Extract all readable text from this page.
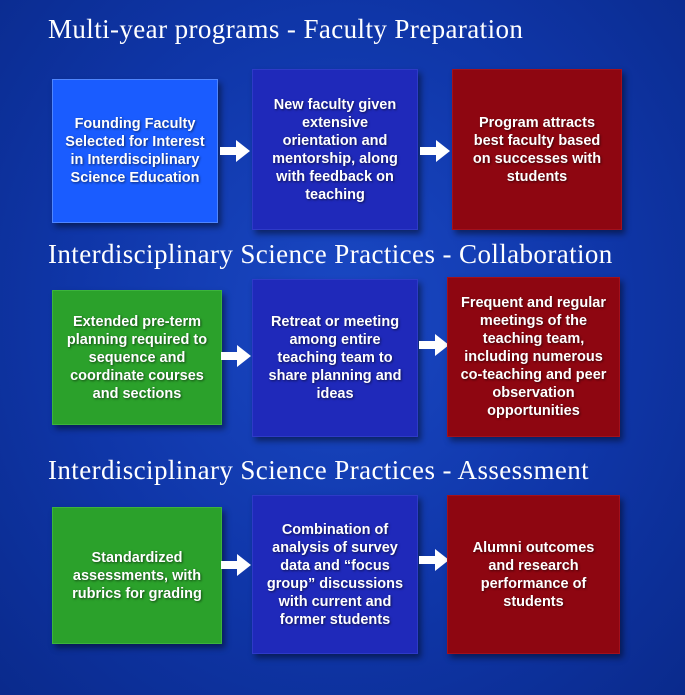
Multi-year programs - Faculty Preparation
Founding Faculty Selected for Interest in Interdisciplinary Science Education
New faculty given extensive orientation and mentorship, along with feedback on teaching
Program attracts best faculty based on successes with students
Interdisciplinary Science Practices - Collaboration
Extended pre-term planning required to sequence and coordinate courses and sections
Retreat or meeting among entire teaching team to share planning and ideas
Frequent and regular meetings of the teaching team, including numerous co-teaching and peer observation opportunities
Interdisciplinary Science Practices - Assessment
Standardized assessments, with rubrics for grading
Combination of analysis of survey data and “focus group” discussions with current and former students
Alumni outcomes and research performance of students
